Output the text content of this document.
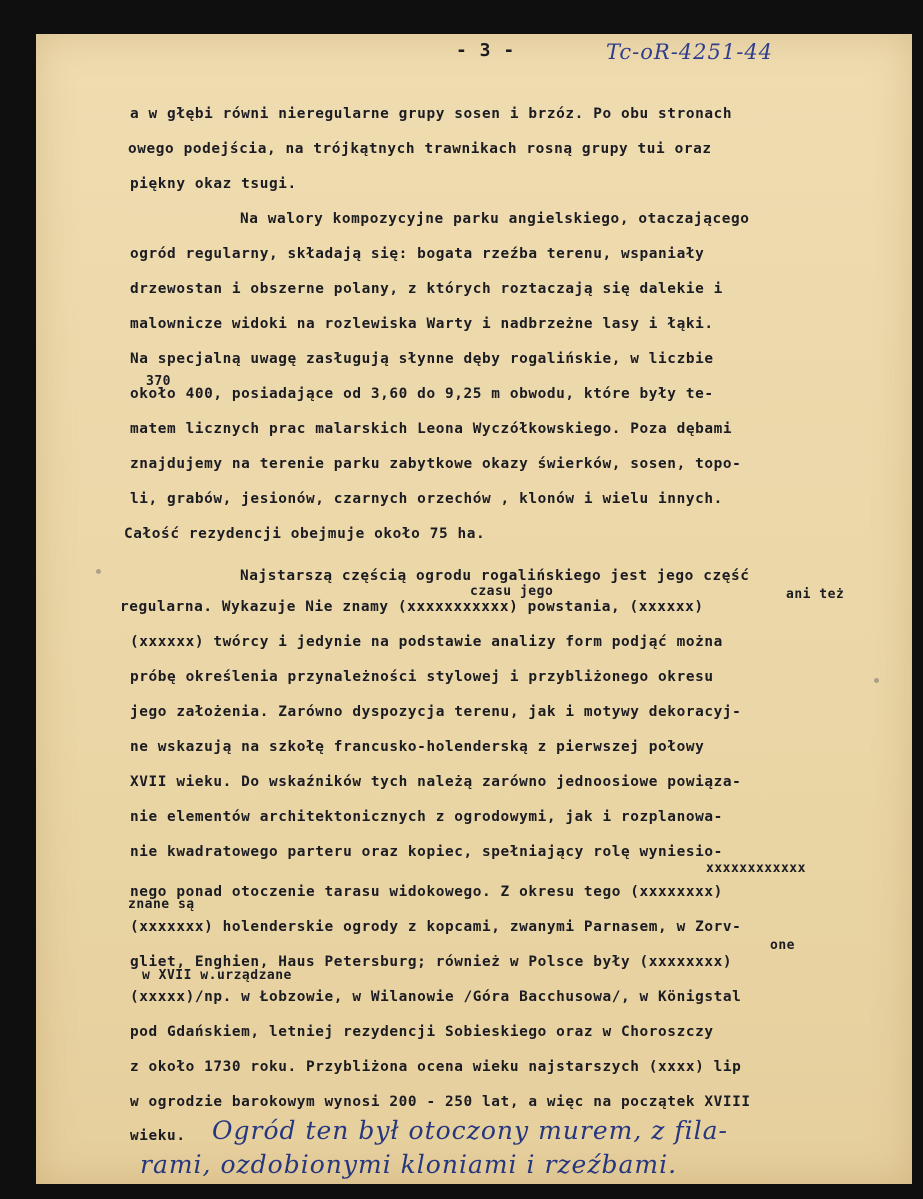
- 3 -	Tc-oR-4251-44
a w głębi równi nieregularne grupy sosen i brzóz. Po obu stronach
owego podejścia, na trójkątnych trawnikach rosną grupy tui oraz
piękny okaz tsugi.
Na walory kompozycyjne parku angielskiego, otaczającego
ogród regularny, składają się: bogata rzeźba terenu, wspaniały
drzewostan i obszerne polany, z których roztaczają się dalekie i
malownicze widoki na rozlewiska Warty i nadbrzeżne lasy i łąki.
Na specjalną uwagę zasługują słynne dęby rogalińskie, w liczbie
około 400, posiadające od 3,60 do 9,25 m obwodu, które były te-
matem licznych prac malarskich Leona Wyczółkowskiego. Poza dębami
znajdujemy na terenie parku zabytkowe okazy świerków, sosen, topo-
li, grabów, jesionów, czarnych orzechów , klonów i wielu innych.
Całość rezydencji obejmuje około 75 ha.
Najstarszą częścią ogrodu rogalińskiego jest jego część
regularna. Wykazuje Nie znamy (xxxxxxxxxxx) powstania, (xxxxxx)
(xxxxxx) twórcy i jedynie na podstawie analizy form podjąć można
próbę określenia przynależności stylowej i przybliżonego okresu
jego założenia. Zarówno dyspozycja terenu, jak i motywy dekoracyj-
ne wskazują na szkołę francusko-holenderską z pierwszej połowy
XVII wieku. Do wskaźników tych należą zarówno jednoosiowe powiąza-
nie elementów architektonicznych z ogrodowymi, jak i rozplanowa-
nie kwadratowego parteru oraz kopiec, spełniający rolę wyniesio-
nego ponad otoczenie tarasu widokowego. Z okresu tego (xxxxxxxx)
(xxxxxxx) holenderskie ogrody z kopcami, zwanymi Parnasem, w Zorv-
gliet, Enghien, Haus Petersburg; również w Polsce były (xxxxxxxx)
(xxxxx)/np. w Łobzowie, w Wilanowie /Góra Bacchusowa/, w Königstal
pod Gdańskiem, letniej rezydencji Sobieskiego oraz w Choroszczy
z około 1730 roku. Przybliżona ocena wieku najstarszych (xxxx) lip
w ogrodzie barokowym wynosi 200 - 250 lat, a więc na początek XVIII
wieku.
370
czasu jego	ani też
xxxxxxxxxxxx
znane są
one
w XVII w.urządzane
Ogród ten był otoczony murem, z fila-
rami, ozdobionymi kloniami i rzeźbami.
